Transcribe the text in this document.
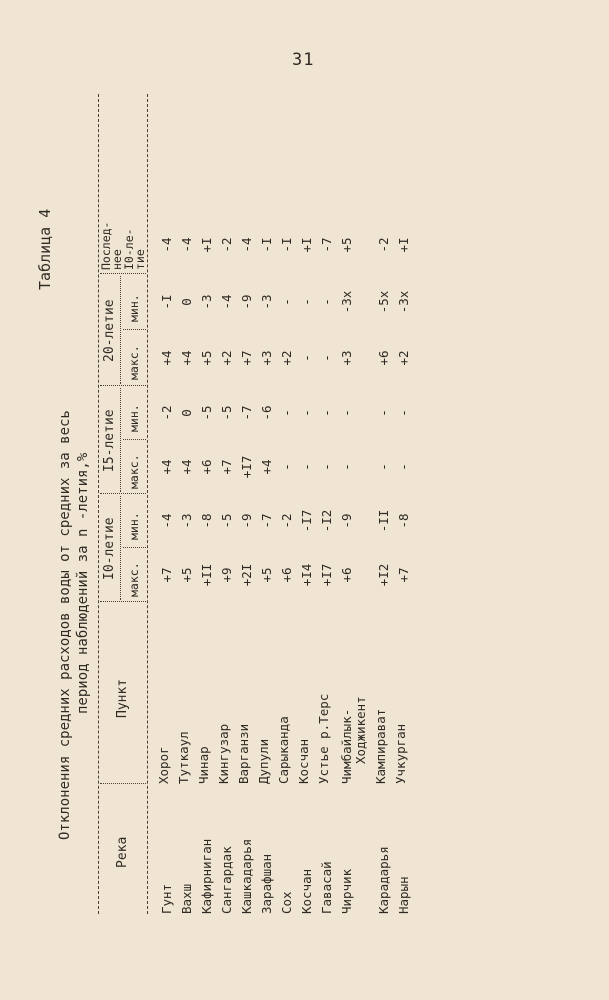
31
Таблица 4
Отклонения средних расходов воды от средних за весь период наблюдений за n -летия,%
Река
Пункт
I0-летие
I5-летие
20-летие
макс.
мин.
макс.
мин.
макс.
мин.
Послед-
нее
I0-ле-
тие
Гунт	Хорог	+7	-4	+4	-2	+4	-I	-4
Вахш	Туткаул	+5	-3	+4	0	+4	0	-4
Кафирниган	Чинар	+II	-8	+6	-5	+5	-3	+I
Сангардак	Кингузар	+9	-5	+7	-5	+2	-4	-2
Кашкадарья	Варганзи	+2I	-9	+I7	-7	+7	-9	-4
Зарафшан	Дупули	+5	-7	+4	-6	+3	-3	-I
Сох	Сарыканда	+6	-2	-	-	+2	-	-I
Косчан	Косчан	+I4	-I7	-	-	-	-	+I
Гавасай	Устье р.Терс	+I7	-I2	-	-	-	-	-7
Чирчик	Чимбайлык- Ходжикент	+6	-9	-	-	+3	-3x	+5
Карадарья	Кампирават	+I2	-II	-	-	+6	-5x	-2
Нарын	Учкурган	+7	-8	-	-	+2	-3x	+I
